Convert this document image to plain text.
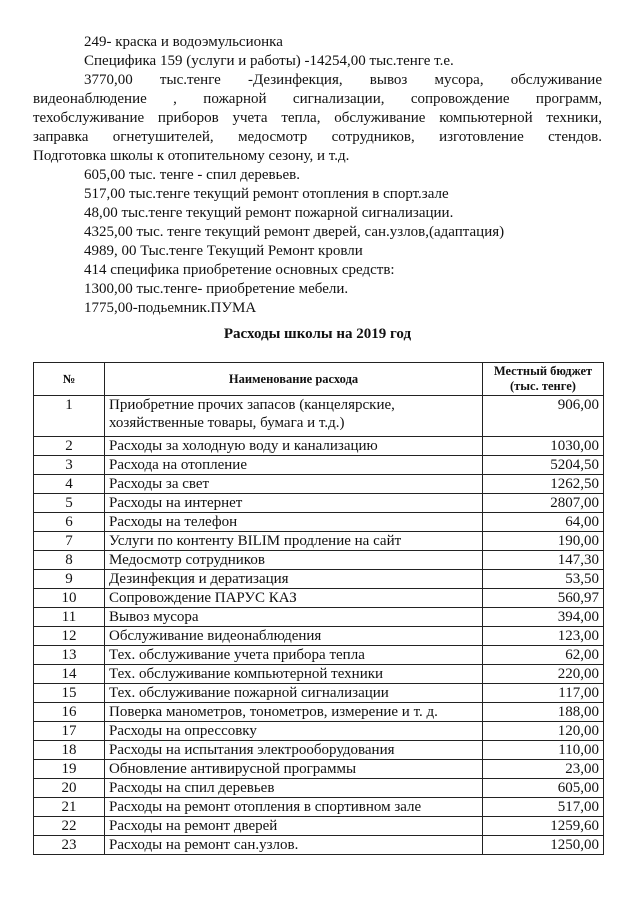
249- краска и водоэмульсионка
Специфика 159 (услуги и работы) -14254,00 тыс.тенге т.е.
3770,00 тыс.тенге -Дезинфекция, вывоз мусора, обслуживание
видеонаблюдение , пожарной сигнализации, сопровождение программ,
техобслуживание приборов учета тепла, обслуживание компьютерной техники,
заправка огнетушителей, медосмотр сотрудников, изготовление стендов.
Подготовка школы к отопительному сезону, и т.д.
605,00 тыс. тенге - спил деревьев.
517,00 тыс.тенге текущий ремонт отопления в спорт.зале
48,00 тыс.тенге текущий ремонт пожарной сигнализации.
4325,00 тыс. тенге текущий ремонт дверей, сан.узлов,(адаптация)
4989, 00 Тыс.тенге Текущий Ремонт кровли
414 специфика приобретение основных средств:
1300,00 тыс.тенге- приобретение мебели.
1775,00-подьемник.ПУМА
Расходы школы на 2019 год
№	Наименование расхода	Местный бюджет
(тыс. тенге)

1	Приобретние прочих запасов (канцелярские,
хозяйственные товары, бумага и т.д.)	906,00
2	Расходы за холодную воду и канализацию	1030,00
3	Расхода на отопление	5204,50
4	Расходы за свет	1262,50
5	Расходы на интернет	2807,00
6	Расходы на телефон	64,00
7	Услуги по контенту BILIM продление на сайт	190,00
8	Медосмотр сотрудников	147,30
9	Дезинфекция и дератизация	53,50
10	Сопровождение ПАРУС КАЗ	560,97
11	Вывоз мусора	394,00
12	Обслуживание видеонаблюдения	123,00
13	Тех. обслуживание учета прибора тепла	62,00
14	Тех. обслуживание компьютерной техники	220,00
15	Тех. обслуживание пожарной сигнализации	117,00
16	Поверка манометров, тонометров, измерение и т. д.	188,00
17	Расходы на опрессовку	120,00
18	Расходы на испытания электрооборудования	110,00
19	Обновление антивирусной программы	23,00
20	Расходы на спил деревьев	605,00
21	Расходы на ремонт отопления в спортивном зале	517,00
22	Расходы на ремонт дверей	1259,60
23	Расходы на ремонт сан.узлов.	1250,00
